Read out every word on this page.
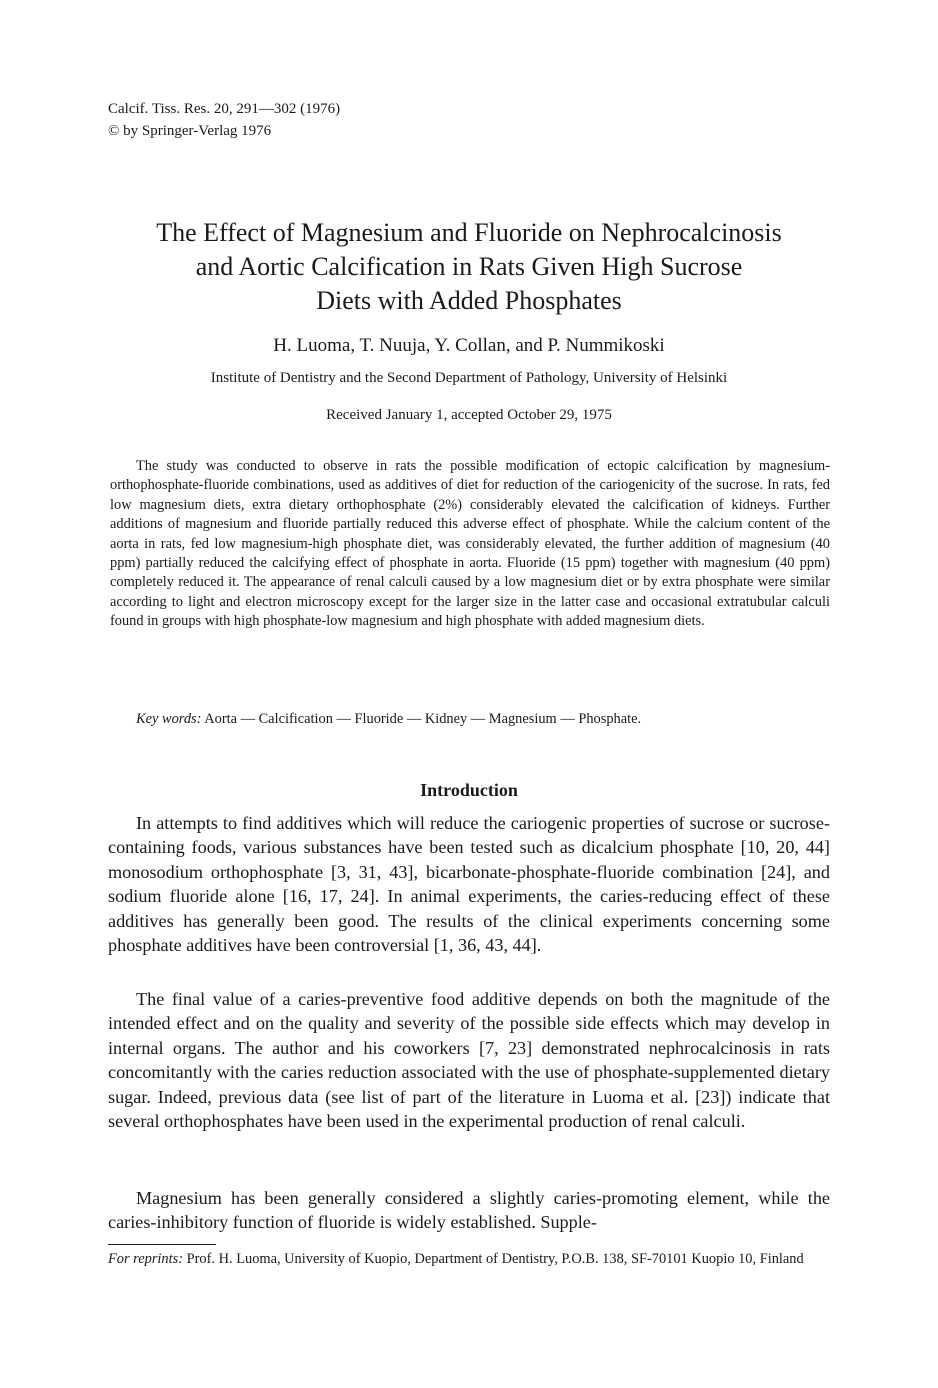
Calcif. Tiss. Res. 20, 291—302 (1976)
© by Springer-Verlag 1976
The Effect of Magnesium and Fluoride on Nephrocalcinosis
and Aortic Calcification in Rats Given High Sucrose
Diets with Added Phosphates
H. Luoma, T. Nuuja, Y. Collan, and P. Nummikoski
Institute of Dentistry and the Second Department of Pathology, University of Helsinki
Received January 1, accepted October 29, 1975

The study was conducted to observe in rats the possible modification of ectopic calcification by magnesium-orthophosphate-fluoride combinations, used as additives of diet for reduction of the cariogenicity of the sucrose. In rats, fed low magnesium diets, extra dietary orthophosphate (2%) considerably elevated the calcification of kidneys. Further additions of magnesium and fluoride partially reduced this adverse effect of phosphate. While the calcium content of the aorta in rats, fed low magnesium-high phosphate diet, was considerably elevated, the further addition of magnesium (40 ppm) partially reduced the calcifying effect of phosphate in aorta. Fluoride (15 ppm) together with magnesium (40 ppm) completely reduced it. The appearance of renal calculi caused by a low magnesium diet or by extra phosphate were similar according to light and electron microscopy except for the larger size in the latter case and occasional extratubular calculi found in groups with high phosphate-low magnesium and high phosphate with added magnesium diets.

Key words: Aorta — Calcification — Fluoride — Kidney — Magnesium — Phosphate.
Introduction

In attempts to find additives which will reduce the cariogenic properties of sucrose or sucrose-containing foods, various substances have been tested such as dicalcium phosphate [10, 20, 44] monosodium orthophosphate [3, 31, 43], bicarbonate-phosphate-fluoride combination [24], and sodium fluoride alone [16, 17, 24]. In animal experiments, the caries-reducing effect of these additives has generally been good. The results of the clinical experiments concerning some phosphate additives have been controversial [1, 36, 43, 44].

The final value of a caries-preventive food additive depends on both the magnitude of the intended effect and on the quality and severity of the possible side effects which may develop in internal organs. The author and his coworkers [7, 23] demonstrated nephrocalcinosis in rats concomitantly with the caries reduction associated with the use of phosphate-supplemented dietary sugar. Indeed, previous data (see list of part of the literature in Luoma et al. [23]) indicate that several orthophosphates have been used in the experimental production of renal calculi.

Magnesium has been generally considered a slightly caries-promoting element, while the caries-inhibitory function of fluoride is widely established. Supple-

For reprints: Prof. H. Luoma, University of Kuopio, Department of Dentistry, P.O.B. 138, SF-70101 Kuopio 10, Finland
